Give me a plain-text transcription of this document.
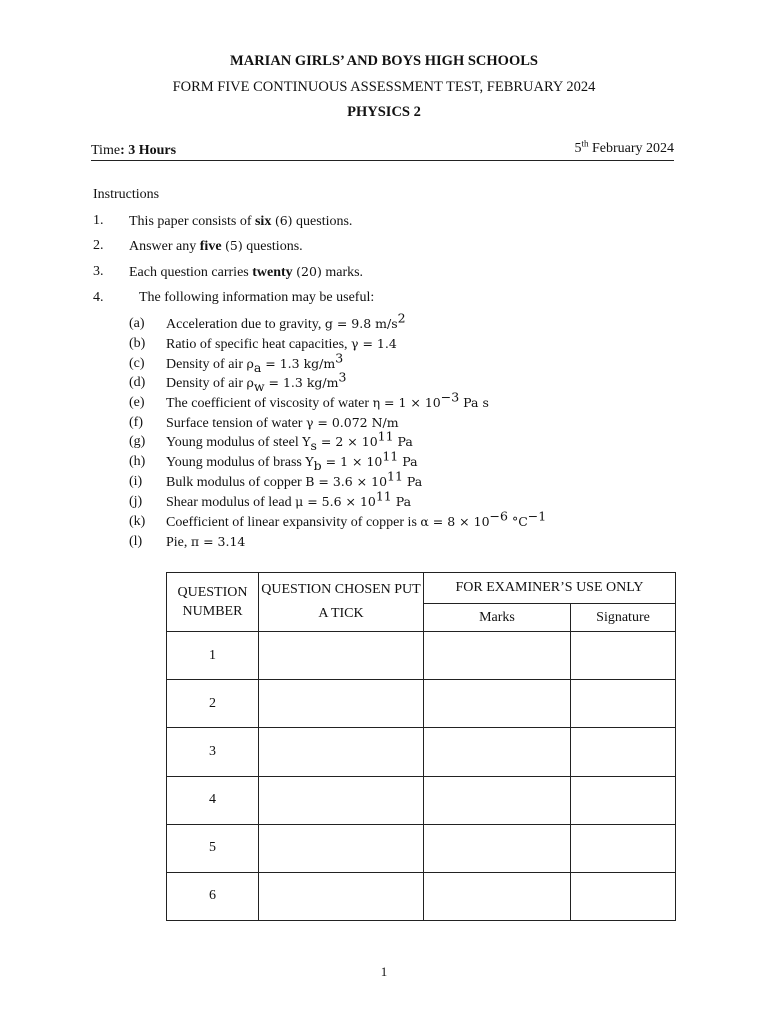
MARIAN GIRLS’ AND BOYS HIGH SCHOOLS
FORM FIVE CONTINUOUS ASSESSMENT TEST, FEBRUARY 2024
PHYSICS 2
Time: 3 Hours	5th February 2024
Instructions
1. This paper consists of six (6) questions.
2. Answer any five (5) questions.
3. Each question carries twenty (20) marks.
4.	The following information may be useful:
(a) Acceleration due to gravity, g = 9.8 $m/s^2$
(b) Ratio of specific heat capacities, γ = 1.4
(c) Density of air $\rho_a = 1.3$ $kg/m^3$
(d) Density of air $\rho_w = 1.3$ $kg/m^3$
(e) The coefficient of viscosity of water $\eta = 1 \times 10^{-3}$ Pa s
(f) Surface tension of water γ = 0.072 N/m
(g) Young modulus of steel $Y_s = 2 \times 10^{11}$ Pa
(h) Young modulus of brass $Y_b = 1 \times 10^{11}$ Pa
(i) Bulk modulus of copper $B = 3.6 \times 10^{11}$ Pa
(j) Shear modulus of lead $\mu = 5.6 \times 10^{11}$ Pa
(k) Coefficient of linear expansivity of copper is $\alpha = 8 \times 10^{-6}$ $^\circ C^{-1}$
(l) Pie, π = 3.14
QUESTION NUMBER	QUESTION CHOSEN PUT A TICK	FOR EXAMINER’S USE ONLY	
		Marks	Signature
1			
2			
3			
4			
5			
6			
1
